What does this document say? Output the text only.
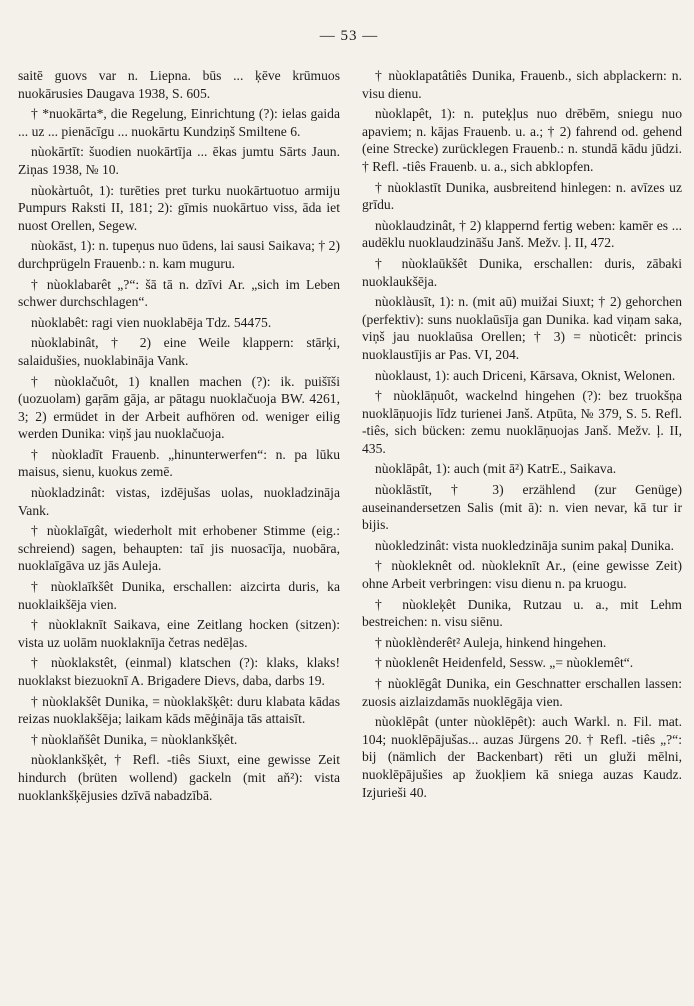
— 53 —

saitē guovs var n. Liepna. būs ... ķēve krūmuos nuokārusies Daugava 1938, S. 605.

† *nuokārta*, die Regelung, Einrichtung (?): ielas gaida ... uz ... pienācīgu ... nuokārtu Kundziņš Smiltene 6.

nùokārtīt: šuodien nuokārtīja ... ēkas jumtu Sārts Jaun. Ziņas 1938, № 10.

nùokàrtuôt, 1): turēties pret turku nuokārtuotuo armiju Pumpurs Raksti II, 181; 2): gīmis nuokārtuo viss, āda iet nuost Orellen, Segew.

nùokāst, 1): n. tupeņus nuo ūdens, lai sausi Saikava; † 2) durchprügeln Frauenb.: n. kam muguru.

† nùoklabarêt „?“: šā tā n. dzīvi Ar. „sich im Leben schwer durchschlagen“.

nùoklabêt: ragi vien nuoklabēja Tdz. 54475.

nùoklabinât, † 2) eine Weile klappern: stārķi, salaidušies, nuoklabināja Vank.

† nùoklačuôt, 1) knallen machen (?): ik. puišīši (uozuolam) gaŗām gāja, ar pātagu nuoklačuoja BW. 4261, 3; 2) ermüdet in der Arbeit aufhören od. weniger eilig werden Dunika: viņš jau nuoklačuoja.

† nùokladīt Frauenb. „hinunterwerfen“: n. pa lūku maisus, sienu, kuokus zemē.

nùokladzinât: vistas, izdējušas uolas, nuokladzināja Vank.

† nùoklaīgât, wiederholt mit erhobener Stimme (eig.: schreiend) sagen, behaupten: taī jis nuosacīja, nuobāra, nuoklaīgāva uz jās Auleja.

† nùoklaīkšêt Dunika, erschallen: aizcirta duris, ka nuoklaikšēja vien.

† nùoklaknīt Saikava, eine Zeitlang hocken (sitzen): vista uz uolām nuoklaknīja četras nedēļas.

† nùoklakstêt, (einmal) klatschen (?): klaks, klaks! nuoklakst biezuoknī A. Brigadere Dievs, daba, darbs 19.

† nùoklakšêt Dunika, = nùoklakšķêt: duru klabata kādas reizas nuoklakšēja; laikam kāds mēģināja tās attaisīt.

† nùoklaňšêt Dunika, = nùoklankšķêt.

nùoklankšķêt, † Refl. -tiês Siuxt, eine gewisse Zeit hindurch (brüten wollend) gackeln (mit aň²): vista nuoklankšķējusies dzīvā nabadzībā.

† nùoklapatâtiês Dunika, Frauenb., sich abplackern: n. visu dienu.

nùoklapêt, 1): n. puteķļus nuo drēbēm, sniegu nuo apaviem; n. kājas Frauenb. u. a.; † 2) fahrend od. gehend (eine Strecke) zurücklegen Frauenb.: n. stundā kādu jūdzi. † Refl. -tiês Frauenb. u. a., sich abklopfen.

† nùoklastīt Dunika, ausbreitend hinlegen: n. avīzes uz grīdu.

nùoklaudzinât, † 2) klappernd fertig weben: kamēr es ... audēklu nuoklaudzināšu Janš. Mežv. ļ. II, 472.

† nùoklaūkšêt Dunika, erschallen: duris, zābaki nuoklaukšēja.

nùoklàusīt, 1): n. (mit aū) muižai Siuxt; † 2) gehorchen (perfektiv): suns nuoklaūsīja gan Dunika. kad viņam saka, viņš jau nuoklaūsa Orellen; † 3) = nùoticêt: princis nuoklaustījis ar Pas. VI, 204.

nùoklaust, 1): auch Driceni, Kārsava, Oknist, Welonen.

† nùoklāņuôt, wackelnd hingehen (?): bez truokšņa nuoklāņuojis līdz turienei Janš. Atpūta, № 379, S. 5. Refl. -tiês, sich bücken: zemu nuoklāņuojas Janš. Mežv. ļ. II, 435.

nùoklāpât, 1): auch (mit ā²) KatrE., Saikava.

nùoklāstīt, † 3) erzählend (zur Genüge) auseinandersetzen Salis (mit ā): n. vien nevar, kā tur ir bijis.

nùokledzinât: vista nuokledzināja sunim pakaļ Dunika.

† nùokleknêt od. nùokleknīt Ar., (eine gewisse Zeit) ohne Arbeit verbringen: visu dienu n. pa kruogu.

† nùokleķêt Dunika, Rutzau u. a., mit Lehm bestreichen: n. visu siēnu.

† nùoklènderêt² Auleja, hinkend hingehen.

† nùoklenêt Heidenfeld, Sessw. „= nùoklemêt“.

† nùoklēgât Dunika, ein Geschnatter erschallen lassen: zuosis aizlaizdamās nuoklēgāja vien.

nùoklēpât (unter nùoklēpêt): auch Warkl. n. Fil. mat. 104; nuoklēpājušas... auzas Jürgens 20. † Refl. -tiês „?“: bij (nämlich der Backenbart) rēti un gluži mēlni, nuoklēpājušies ap žuokļiem kā sniega auzas Kaudz. Izjurieši 40.
